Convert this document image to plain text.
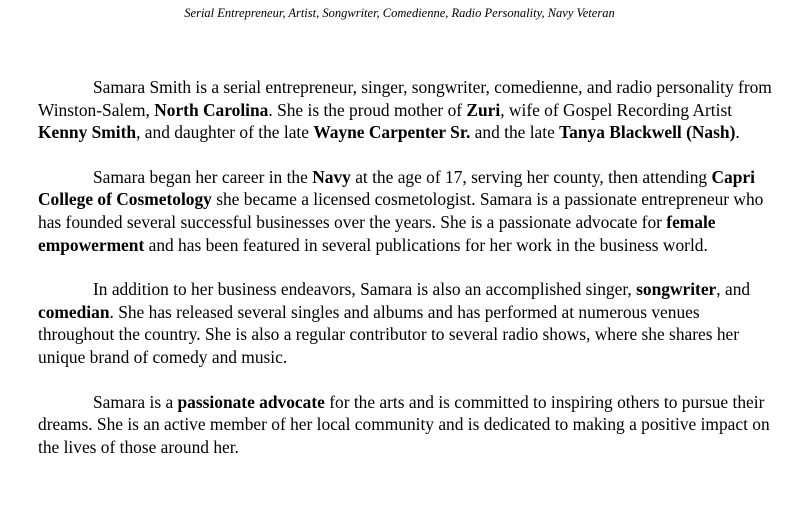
Serial Entrepreneur, Artist, Songwriter, Comedienne, Radio Personality, Navy Veteran

Samara Smith is a serial entrepreneur, singer, songwriter, comedienne, and radio personality from Winston-Salem, North Carolina. She is the proud mother of Zuri, wife of Gospel Recording Artist Kenny Smith, and daughter of the late Wayne Carpenter Sr. and the late Tanya Blackwell (Nash).

Samara began her career in the Navy at the age of 17, serving her county, then attending Capri College of Cosmetology she became a licensed cosmetologist. Samara is a passionate entrepreneur who has founded several successful businesses over the years. She is a passionate advocate for female empowerment and has been featured in several publications for her work in the business world.

In addition to her business endeavors, Samara is also an accomplished singer, songwriter, and comedian. She has released several singles and albums and has performed at numerous venues throughout the country. She is also a regular contributor to several radio shows, where she shares her unique brand of comedy and music.

Samara is a passionate advocate for the arts and is committed to inspiring others to pursue their dreams. She is an active member of her local community and is dedicated to making a positive impact on the lives of those around her.
